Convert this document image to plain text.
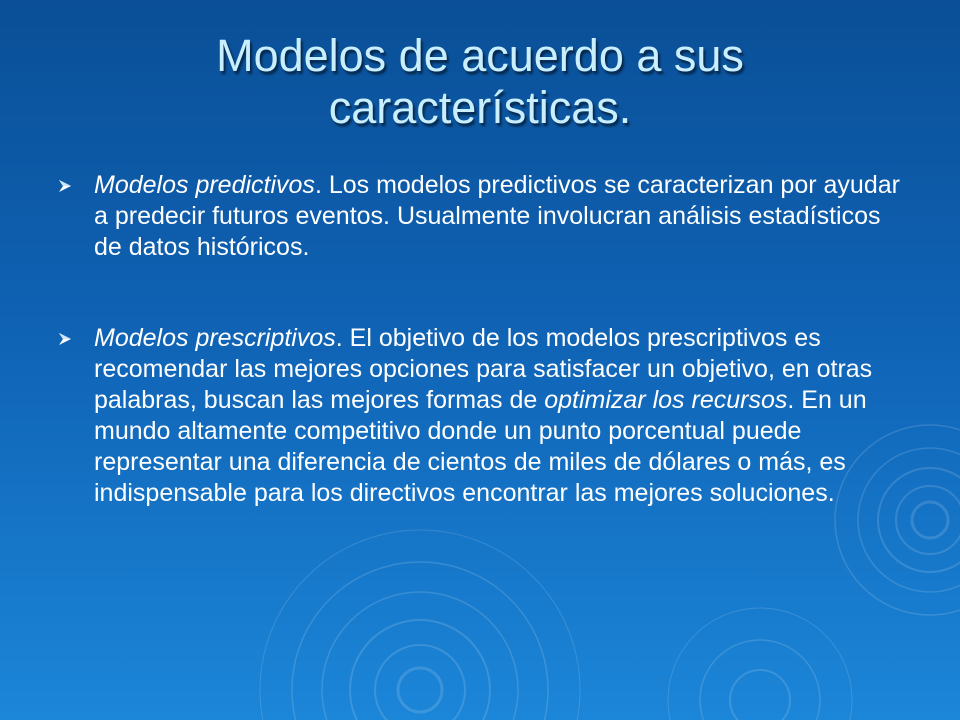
Modelos de acuerdo a sus características.
Modelos predictivos. Los modelos predictivos se caracterizan por ayudar a predecir futuros eventos. Usualmente involucran análisis estadísticos de datos históricos.
Modelos prescriptivos. El objetivo de los modelos prescriptivos es recomendar las mejores opciones para satisfacer un objetivo, en otras palabras, buscan las mejores formas de optimizar los recursos. En un mundo altamente competitivo donde un punto porcentual puede representar una diferencia de cientos de miles de dólares o más, es indispensable para los directivos encontrar las mejores soluciones.
